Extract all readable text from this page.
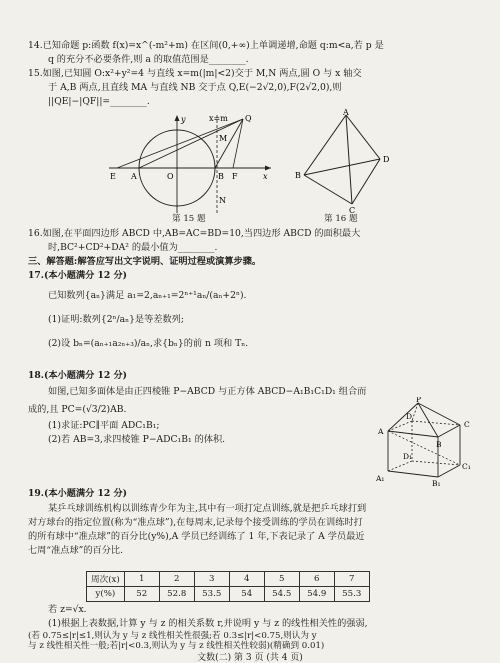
14.已知命题 p:函数 f(x)=x^(-m²+m) 在区间(0,+∞)上单调递增,命题 q:m<a,若 p 是
q 的充分不必要条件,则 a 的取值范围是________.
15.如图,已知圆 O:x²+y²=4 与直线 x=m(|m|<2)交于 M,N 两点,圆 O 与 x 轴交
于 A,B 两点,且直线 MA 与直线 NB 交于点 Q,E(−2√2,0),F(2√2,0),则
||QE|−|QF||=________.
x=m
y
x
E A	O	B F
Q
M
N
第 15 题
A
B
C
D
第 16 题
16.如图,在平面四边形 ABCD 中,AB=AC=BD=10,当四边形 ABCD 的面积最大
时,BC²+CD²+DA² 的最小值为________.
三、解答题:解答应写出文字说明、证明过程或演算步骤。
17.(本小题满分 12 分)
已知数列{aₙ}满足 a₁=2,aₙ₊₁=2ⁿ⁺¹aₙ/(aₙ+2ⁿ).
(1)证明:数列{2ⁿ/aₙ}是等差数列;
(2)设 bₙ=(aₙ₊₁a₂ₙ₊₃)/aₙ,求{bₙ}的前 n 项和 Tₙ.
18.(本小题满分 12 分)
如图,已知多面体是由正四棱锥 P−ABCD 与正方体 ABCD−A₁B₁C₁D₁ 组合而
成的,且 PC=(√3/2)AB.
(1)求证:PC∥平面 ADC₁B₁;
(2)若 AB=3,求四棱锥 P−ADC₁B₁ 的体积.
P
A
D
C
B
D₁
A₁
B₁
C₁
19.(本小题满分 12 分)
某乒乓球训练机构以训练青少年为主,其中有一项打定点训练,就是把乒乓球打到
对方球台的指定位置(称为“准点球”),在每周末,记录每个接受训练的学员在训练时打
的所有球中“准点球”的百分比(y%),A 学员已经训练了 1 年,下表记录了 A 学员最近
七周“准点球”的百分比.
周次(x)	1	2	3	4	5	6	7
y(%)	52	52.8	53.5	54	54.5	54.9	55.3
若 z=√x.
(1)根据上表数据,计算 y 与 z 的相关系数 r,并说明 y 与 z 的线性相关性的强弱,
(若 0.75≤|r|≤1,则认为 y 与 z 线性相关性很强;若 0.3≤|r|<0.75,则认为 y
文数(二) 第 3 页 (共 4 页)
与 z 线性相关性一般;若|r|<0.3,则认为 y 与 z 线性相关性较弱)(精确到 0.01)
